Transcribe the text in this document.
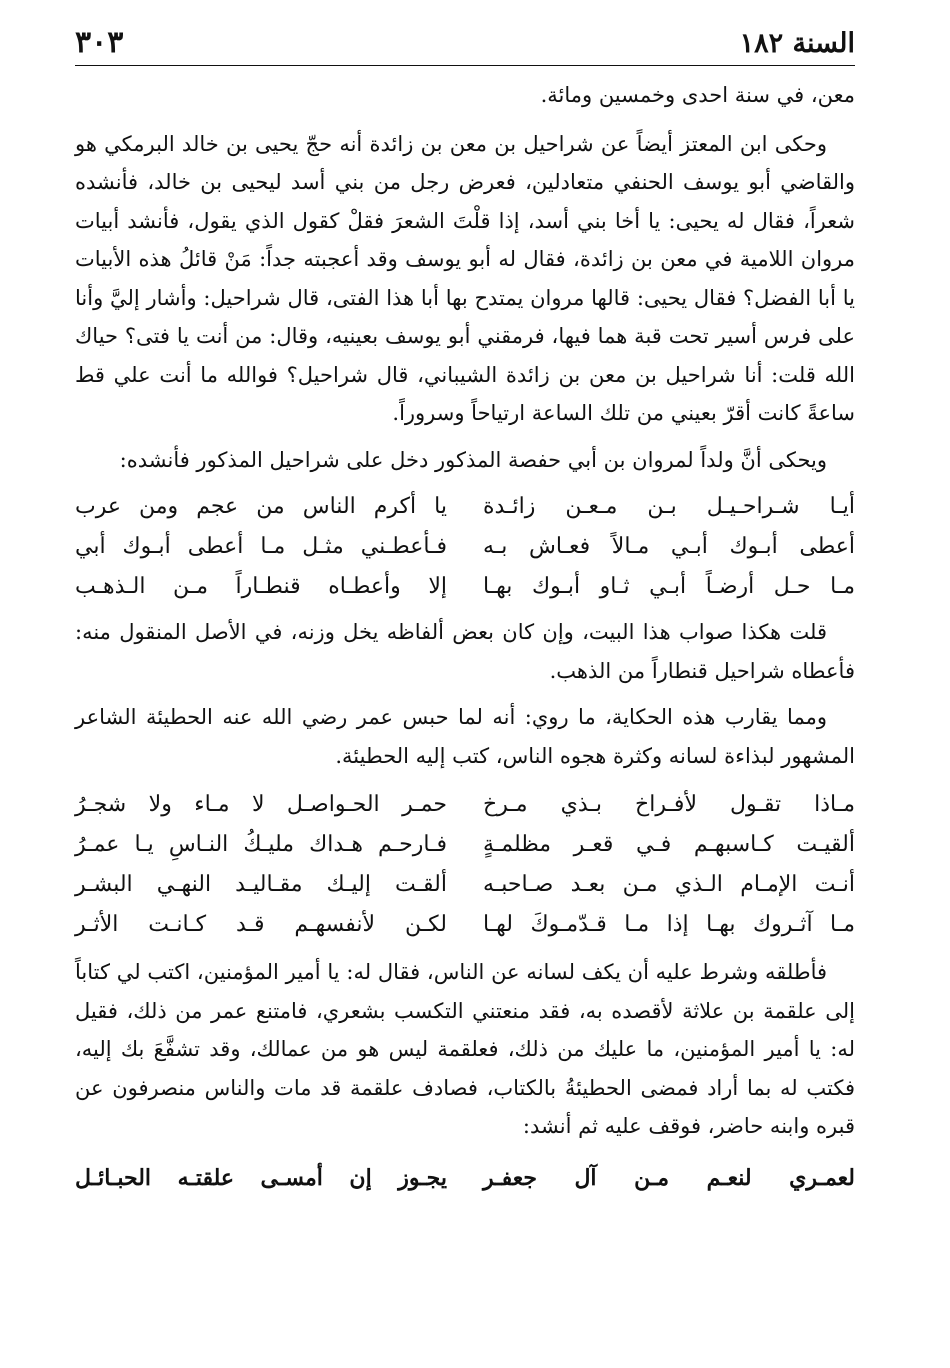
السنة ١٨٢
٣٠٣

معن، في سنة احدى وخمسين ومائة.

وحكى ابن المعتز أيضاً عن شراحيل بن معن بن زائدة أنه حجّ يحيى بن خالد البرمكي هو والقاضي أبو يوسف الحنفي متعادلين، فعرض رجل من بني أسد ليحيى بن خالد، فأنشده شعراً، فقال له يحيى: يا أخا بني أسد، إذا قلْتَ الشعرَ فقلْ كقول الذي يقول، فأنشد أبيات مروان اللامية في معن بن زائدة، فقال له أبو يوسف وقد أعجبته جداً: مَنْ قائلُ هذه الأبيات يا أبا الفضل؟ فقال يحيى: قالها مروان يمتدح بها أبا هذا الفتى، قال شراحيل: وأشار إليَّ وأنا على فرس أسير تحت قبة هما فيها، فرمقني أبو يوسف بعينيه، وقال: من أنت يا فتى؟ حياك الله قلت: أنا شراحيل بن معن بن زائدة الشيباني، قال شراحيل؟ فوالله ما أنت علي قط ساعةً كانت أقرّ بعيني من تلك الساعة ارتياحاً وسروراً.

ويحكى أنَّ ولداً لمروان بن أبي حفصة المذكور دخل على شراحيل المذكور فأنشده:

أيـا شـراحـيـل بـن مـعـن زائـدة
يا أكرم الناس من عجم ومن عرب
أعطى أبـوك أبـي مـالاً فعـاش بـه
فـأعطـني مثـل مـا أعطى أبـوك أبي
مـا حـل أرضـاً أبـي ثـاو أبـوك بهـا
إلا وأعطـاه قنطـاراً مـن الـذهـب

قلت هكذا صواب هذا البيت، وإن كان بعض ألفاظه يخل وزنه، في الأصل المنقول منه: فأعطاه شراحيل قنطاراً من الذهب.

ومما يقارب هذه الحكاية، ما روي: أنه لما حبس عمر رضي الله عنه الحطيئة الشاعر المشهور لبذاءة لسانه وكثرة هجوه الناس، كتب إليه الحطيئة.

مـاذا تقـول لأفـراخ بـذي مـرخ
حمـر الحـواصـل لا مـاء ولا شجـرُ
ألقيـت كـاسبهـم فـي قعـر مظلمـةٍ
فـارحـم هـداك مليـكُ النـاسِ يـا عمـرُ
أنـت الإمـام الـذي مـن بعـد صـاحبـه
ألقـت إليـك مقـاليـد النهـي البشـر
مـا آثـروك بهـا إذا مـا قـدّمـوكَ لهـا
لكـن لأنفسهـم قـد كـانـت الأثـر

فأطلقه وشرط عليه أن يكف لسانه عن الناس، فقال له: يا أمير المؤمنين، اكتب لي كتاباً إلى علقمة بن علاثة لأقصده به، فقد منعتني التكسب بشعري، فامتنع عمر من ذلك، فقيل له: يا أمير المؤمنين، ما عليك من ذلك، فعلقمة ليس هو من عمالك، وقد تشفَّعَ بك إليه، فكتب له بما أراد فمضى الحطيئةُ بالكتاب، فصادف علقمة قد مات والناس منصرفون عن قبره وابنه حاضر، فوقف عليه ثم أنشد:

لعمـري لنعـم مـن آل جعفـر
يجـوز إن أمسـى علقتـه الحبـائـل
